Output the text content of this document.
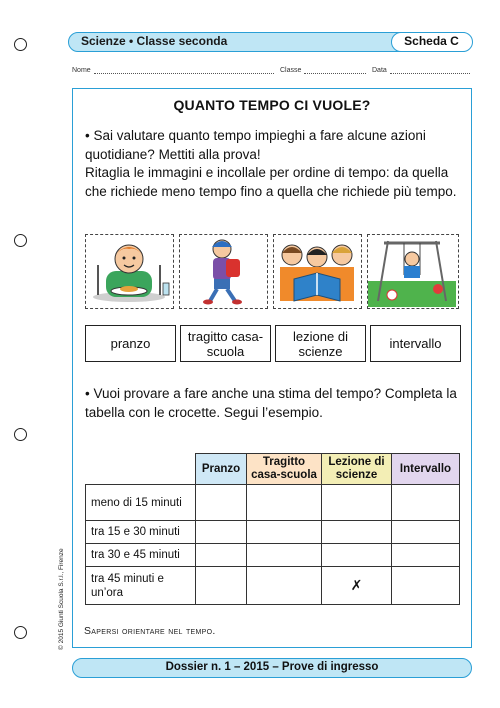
Scienze • Classe seconda	Scheda C
Nome	Classe	Data
QUANTO TEMPO CI VUOLE?

• Sai valutare quanto tempo impieghi a fare alcune azioni quotidiane? Mettiti alla prova!

Ritaglia le immagini e incollale per ordine di tempo: da quella che richiede meno tempo fino a quella che richiede più tempo.

pranzo	tragitto casa-scuola
lezione di scienze	intervallo
• Vuoi provare a fare anche una stima del tempo? Completa la tabella con le crocette. Segui l’esempio.
	Pranzo	Tragitto casa-scuola	Lezione di scienze	Intervallo
meno di 15 minuti				
tra 15 e 30 minuti				
tra 30 e 45 minuti				
tra 45 minuti e un’ora			✗	
Sapersi orientare nel tempo.
Dossier n. 1 – 2015 – Prove di ingresso
© 2015 Giunti Scuola S.r.l., Firenze
